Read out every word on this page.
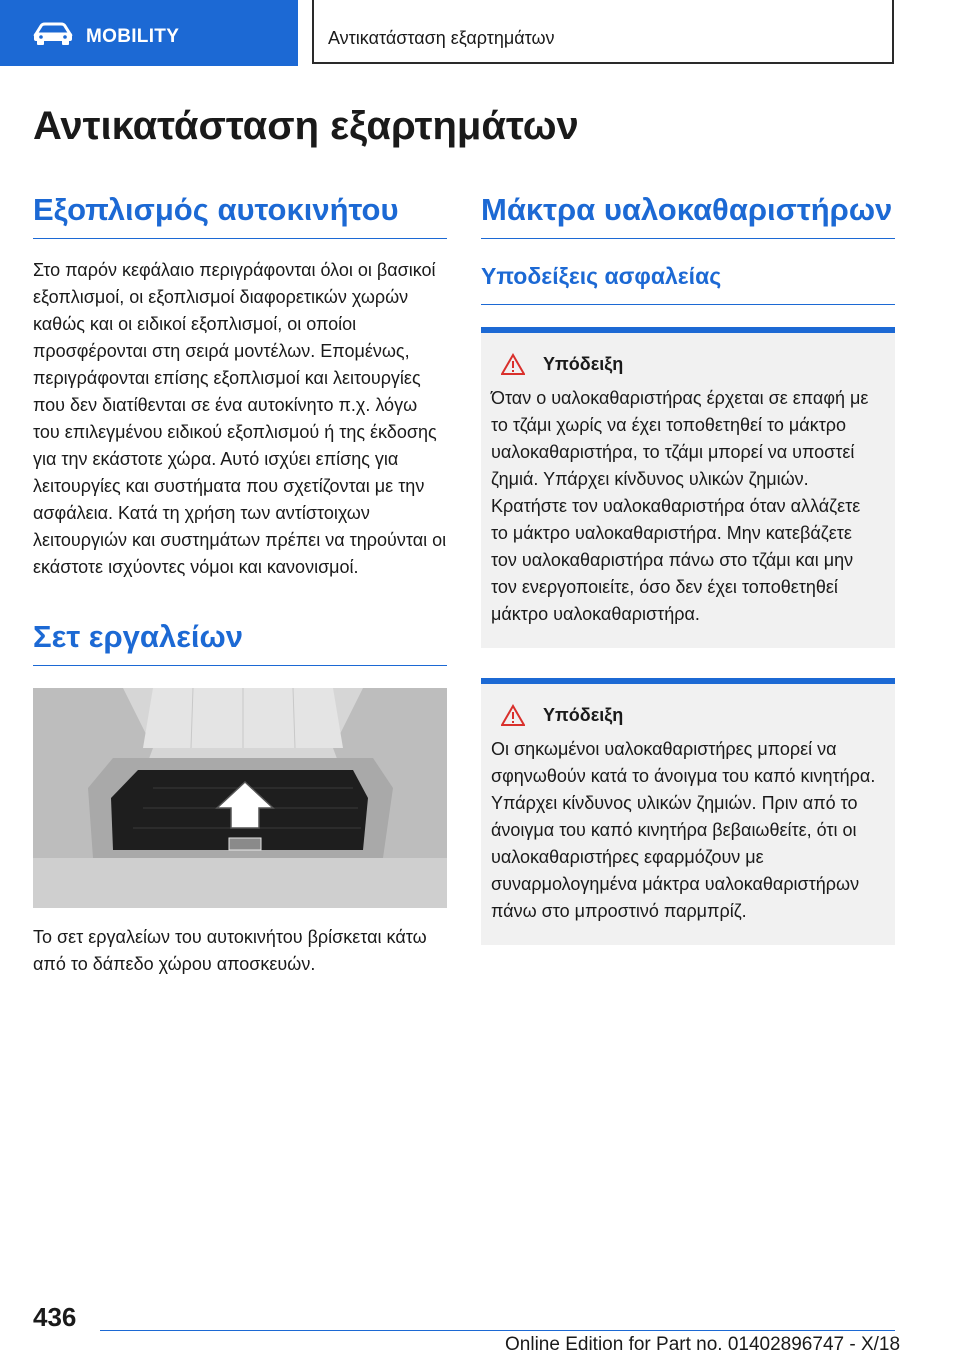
MOBILITY	Αντικατάσταση εξαρτημάτων
Αντικατάσταση εξαρτημάτων
Εξοπλισμός αυτοκινήτου

Στο παρόν κεφάλαιο περιγράφονται όλοι οι βασικοί εξοπλισμοί, οι εξοπλισμοί διαφορετικών χωρών καθώς και οι ειδικοί εξοπλισμοί, οι οποίοι προσφέρονται στη σειρά μοντέλων. Επομένως, περιγράφονται επίσης εξοπλισμοί και λειτουργίες που δεν διατίθενται σε ένα αυτοκίνητο π.χ. λόγω του επιλεγμένου ειδικού εξοπλισμού ή της έκδοσης για την εκάστοτε χώρα. Αυτό ισχύει επίσης για λειτουργίες και συστήματα που σχετίζονται με την ασφάλεια. Κατά τη χρήση των αντίστοιχων λειτουργιών και συστημάτων πρέπει να τηρούνται οι εκάστοτε ισχύοντες νόμοι και κανονισμοί.

Σετ εργαλείων

Το σετ εργαλείων του αυτοκινήτου βρίσκεται κάτω από το δάπεδο χώρου αποσκευών.

Μάκτρα υαλοκαθαριστήρων
Υποδείξεις ασφαλείας
Υπόδειξη

Όταν ο υαλοκαθαριστήρας έρχεται σε επαφή με το τζάμι χωρίς να έχει τοποθετηθεί το μάκτρο υαλοκαθαριστήρα, το τζάμι μπορεί να υποστεί ζημιά. Υπάρχει κίνδυνος υλικών ζημιών. Κρατήστε τον υαλοκαθαριστήρα όταν αλλάζετε το μάκτρο υαλοκαθαριστήρα. Μην κατεβάζετε τον υαλοκαθαριστήρα πάνω στο τζάμι και μην τον ενεργοποιείτε, όσο δεν έχει τοποθετηθεί μάκτρο υαλοκαθαριστήρα.

Υπόδειξη

Οι σηκωμένοι υαλοκαθαριστήρες μπορεί να σφηνωθούν κατά το άνοιγμα του καπό κινητήρα. Υπάρχει κίνδυνος υλικών ζημιών. Πριν από το άνοιγμα του καπό κινητήρα βεβαιωθείτε, ότι οι υαλοκαθαριστήρες εφαρμόζουν με συναρμολογημένα μάκτρα υαλοκαθαριστήρων πάνω στο μπροστινό παρμπρίζ.

436
Online Edition for Part no. 01402896747 - X/18
